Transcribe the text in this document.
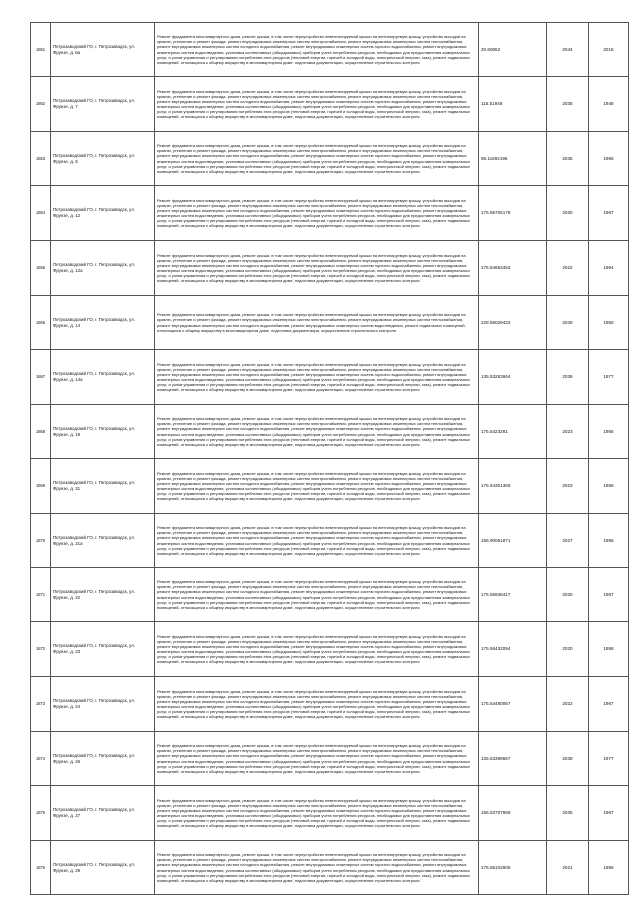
1861	Петрозаводский ГО, г. Петрозаводск, ул. Фрунзе, д. 6а	Ремонт фундамента многоквартирного дома, ремонт крыши, в том числе переустройство невентилируемой крыши на вентилируемую крышу, устройство выходов на кровлю, утепление и ремонт фасада, ремонт внутридомовых инженерных систем электроснабжения, ремонт внутридомовых инженерных систем теплоснабжения, ремонт внутридомовых инженерных систем холодного водоснабжения, ремонт внутридомовых инженерных систем горячего водоснабжения, ремонт внутридомовых инженерных систем водоотведения, установка коллективных (общедомовых) приборов учета потребления ресурсов, необходимых для предоставления коммунальных услуг, и узлов управления и регулирования потребления этих ресурсов (тепловой энергии, горячей и холодной воды, электрической энергии, газа), ремонт подвальных помещений, относящихся к общему имуществу в многоквартирном доме, подготовка документации, осуществление строительного контроля	20.60652	2044	2015
1862	Петрозаводский ГО, г. Петрозаводск, ул. Фрунзе, д. 7	Ремонт фундамента многоквартирного дома, ремонт крыши, в том числе переустройство невентилируемой крыши на вентилируемую крышу, устройство выходов на кровлю, утепление и ремонт фасада, ремонт внутридомовых инженерных систем электроснабжения, ремонт внутридомовых инженерных систем теплоснабжения, ремонт внутридомовых инженерных систем холодного водоснабжения, ремонт внутридомовых инженерных систем горячего водоснабжения, ремонт внутридомовых инженерных систем водоотведения, установка коллективных (общедомовых) приборов учета потребления ресурсов, необходимых для предоставления коммунальных услуг, и узлов управления и регулирования потребления этих ресурсов (тепловой энергии, горячей и холодной воды, электрической энергии, газа), ремонт подвальных помещений, относящихся к общему имуществу в многоквартирном доме, подготовка документации, осуществление строительного контроля	115.51948	2035	1948
1863	Петрозаводский ГО, г. Петрозаводск, ул. Фрунзе, д. 8	Ремонт фундамента многоквартирного дома, ремонт крыши, в том числе переустройство невентилируемой крыши на вентилируемую крышу, устройство выходов на кровлю, утепление и ремонт фасада, ремонт внутридомовых инженерных систем электроснабжения, ремонт внутридомовых инженерных систем теплоснабжения, ремонт внутридомовых инженерных систем холодного водоснабжения, ремонт внутридомовых инженерных систем горячего водоснабжения, ремонт внутридомовых инженерных систем водоотведения, установка коллективных (общедомовых) приборов учета потребления ресурсов, необходимых для предоставления коммунальных услуг, и узлов управления и регулирования потребления этих ресурсов (тепловой энергии, горячей и холодной воды, электрической энергии, газа), ремонт подвальных помещений, относящихся к общему имуществу в многоквартирном доме, подготовка документации, осуществление строительного контроля	95.11692196	2036	1965
1864	Петрозаводский ГО, г. Петрозаводск, ул. Фрунзе, д. 12	Ремонт фундамента многоквартирного дома, ремонт крыши, в том числе переустройство невентилируемой крыши на вентилируемую крышу, устройство выходов на кровлю, утепление и ремонт фасада, ремонт внутридомовых инженерных систем электроснабжения, ремонт внутридомовых инженерных систем теплоснабжения, ремонт внутридомовых инженерных систем холодного водоснабжения, ремонт внутридомовых инженерных систем горячего водоснабжения, ремонт внутридомовых инженерных систем водоотведения, установка коллективных (общедомовых) приборов учета потребления ресурсов, необходимых для предоставления коммунальных услуг, и узлов управления и регулирования потребления этих ресурсов (тепловой энергии, горячей и холодной воды, электрической энергии, газа), ремонт подвальных помещений, относящихся к общему имуществу в многоквартирном доме, подготовка документации, осуществление строительного контроля	175.55705178	2030	1967
1865	Петрозаводский ГО, г. Петрозаводск, ул. Фрунзе, д. 12а	Ремонт фундамента многоквартирного дома, ремонт крыши, в том числе переустройство невентилируемой крыши на вентилируемую крышу, устройство выходов на кровлю, утепление и ремонт фасада, ремонт внутридомовых инженерных систем электроснабжения, ремонт внутридомовых инженерных систем теплоснабжения, ремонт внутридомовых инженерных систем холодного водоснабжения, ремонт внутридомовых инженерных систем горячего водоснабжения, ремонт внутридомовых инженерных систем водоотведения, установка коллективных (общедомовых) приборов учета потребления ресурсов, необходимых для предоставления коммунальных услуг, и узлов управления и регулирования потребления этих ресурсов (тепловой энергии, горячей и холодной воды, электрической энергии, газа), ремонт подвальных помещений, относящихся к общему имуществу в многоквартирном доме, подготовка документации, осуществление строительного контроля	175.54653453	2022	1964
1866	Петрозаводский ГО, г. Петрозаводск, ул. Фрунзе, д. 14	Ремонт фундамента многоквартирного дома, ремонт крыши, в том числе переустройство невентилируемой крыши на вентилируемую крышу, устройство выходов на кровлю, утепление и ремонт фасада, ремонт внутридомовых инженерных систем электроснабжения, ремонт внутридомовых инженерных систем теплоснабжения, ремонт внутридомовых инженерных систем холодного водоснабжения, ремонт внутридомовых инженерных систем водоотведения, ремонт подвальных помещений, относящихся к общему имуществу в многоквартирном доме, подготовка документации, осуществление строительного контроля	228.56029433	2040	1950
1867	Петрозаводский ГО, г. Петрозаводск, ул. Фрунзе, д. 14а	Ремонт фундамента многоквартирного дома, ремонт крыши, в том числе переустройство невентилируемой крыши на вентилируемую крышу, устройство выходов на кровлю, утепление и ремонт фасада, ремонт внутридомовых инженерных систем электроснабжения, ремонт внутридомовых инженерных систем теплоснабжения, ремонт внутридомовых инженерных систем холодного водоснабжения, ремонт внутридомовых инженерных систем горячего водоснабжения, ремонт внутридомовых инженерных систем водоотведения, установка коллективных (общедомовых) приборов учета потребления ресурсов, необходимых для предоставления коммунальных услуг, и узлов управления и регулирования потребления этих ресурсов (тепловой энергии, горячей и холодной воды, электрической энергии, газа), ремонт подвальных помещений, относящихся к общему имуществу в многоквартирном доме, подготовка документации, осуществление строительного контроля	135.53283664	2039	1977
1868	Петрозаводский ГО, г. Петрозаводск, ул. Фрунзе, д. 19	Ремонт фундамента многоквартирного дома, ремонт крыши, в том числе переустройство невентилируемой крыши на вентилируемую крышу, устройство выходов на кровлю, утепление и ремонт фасада, ремонт внутридомовых инженерных систем электроснабжения, ремонт внутридомовых инженерных систем теплоснабжения, ремонт внутридомовых инженерных систем холодного водоснабжения, ремонт внутридомовых инженерных систем горячего водоснабжения, ремонт внутридомовых инженерных систем водоотведения, установка коллективных (общедомовых) приборов учета потребления ресурсов, необходимых для предоставления коммунальных услуг, и узлов управления и регулирования потребления этих ресурсов (тепловой энергии, горячей и холодной воды, электрической энергии, газа), ремонт подвальных помещений, относящихся к общему имуществу в многоквартирном доме, подготовка документации, осуществление строительного контроля	175.5423281	2023	1956
1869	Петрозаводский ГО, г. Петрозаводск, ул. Фрунзе, д. 21	Ремонт фундамента многоквартирного дома, ремонт крыши, в том числе переустройство невентилируемой крыши на вентилируемую крышу, устройство выходов на кровлю, утепление и ремонт фасада, ремонт внутридомовых инженерных систем электроснабжения, ремонт внутридомовых инженерных систем теплоснабжения, ремонт внутридомовых инженерных систем холодного водоснабжения, ремонт внутридомовых инженерных систем горячего водоснабжения, ремонт внутридомовых инженерных систем водоотведения, установка коллективных (общедомовых) приборов учета потребления ресурсов, необходимых для предоставления коммунальных услуг, и узлов управления и регулирования потребления этих ресурсов (тепловой энергии, горячей и холодной воды, электрической энергии, газа), ремонт подвальных помещений, относящихся к общему имуществу в многоквартирном доме, подготовка документации, осуществление строительного контроля	175.54301365	2023	1956
1870	Петрозаводский ГО, г. Петрозаводск, ул. Фрунзе, д. 21а	Ремонт фундамента многоквартирного дома, ремонт крыши, в том числе переустройство невентилируемой крыши на вентилируемую крышу, устройство выходов на кровлю, утепление и ремонт фасада, ремонт внутридомовых инженерных систем электроснабжения, ремонт внутридомовых инженерных систем теплоснабжения, ремонт внутридомовых инженерных систем холодного водоснабжения, ремонт внутридомовых инженерных систем горячего водоснабжения, ремонт внутридомовых инженерных систем водоотведения, установка коллективных (общедомовых) приборов учета потребления ресурсов, необходимых для предоставления коммунальных услуг, и узлов управления и регулирования потребления этих ресурсов (тепловой энергии, горячей и холодной воды, электрической энергии, газа), ремонт подвальных помещений, относящихся к общему имуществу в многоквартирном доме, подготовка документации, осуществление строительного контроля	156.90061871	2027	1956
1871	Петрозаводский ГО, г. Петрозаводск, ул. Фрунзе, д. 22	Ремонт фундамента многоквартирного дома, ремонт крыши, в том числе переустройство невентилируемой крыши на вентилируемую крышу, устройство выходов на кровлю, утепление и ремонт фасада, ремонт внутридомовых инженерных систем электроснабжения, ремонт внутридомовых инженерных систем теплоснабжения, ремонт внутридомовых инженерных систем холодного водоснабжения, ремонт внутридомовых инженерных систем горячего водоснабжения, ремонт внутридомовых инженерных систем водоотведения, установка коллективных (общедомовых) приборов учета потребления ресурсов, необходимых для предоставления коммунальных услуг, и узлов управления и регулирования потребления этих ресурсов (тепловой энергии, горячей и холодной воды, электрической энергии, газа), ремонт подвальных помещений, относящихся к общему имуществу в многоквартирном доме, подготовка документации, осуществление строительного контроля	175.55935417	2030	1967
1872	Петрозаводский ГО, г. Петрозаводск, ул. Фрунзе, д. 23	Ремонт фундамента многоквартирного дома, ремонт крыши, в том числе переустройство невентилируемой крыши на вентилируемую крышу, устройство выходов на кровлю, утепление и ремонт фасада, ремонт внутридомовых инженерных систем электроснабжения, ремонт внутридомовых инженерных систем теплоснабжения, ремонт внутридомовых инженерных систем холодного водоснабжения, ремонт внутридомовых инженерных систем горячего водоснабжения, ремонт внутридомовых инженерных систем водоотведения, установка коллективных (общедомовых) приборов учета потребления ресурсов, необходимых для предоставления коммунальных услуг, и узлов управления и регулирования потребления этих ресурсов (тепловой энергии, горячей и холодной воды, электрической энергии, газа), ремонт подвальных помещений, относящихся к общему имуществу в многоквартирном доме, подготовка документации, осуществление строительного контроля	175.56432094	2020	1958
1873	Петрозаводский ГО, г. Петрозаводск, ул. Фрунзе, д. 24	Ремонт фундамента многоквартирного дома, ремонт крыши, в том числе переустройство невентилируемой крыши на вентилируемую крышу, устройство выходов на кровлю, утепление и ремонт фасада, ремонт внутридомовых инженерных систем электроснабжения, ремонт внутридомовых инженерных систем теплоснабжения, ремонт внутридомовых инженерных систем холодного водоснабжения, ремонт внутридомовых инженерных систем горячего водоснабжения, ремонт внутридомовых инженерных систем водоотведения, установка коллективных (общедомовых) приборов учета потребления ресурсов, необходимых для предоставления коммунальных услуг, и узлов управления и регулирования потребления этих ресурсов (тепловой энергии, горячей и холодной воды, электрической энергии, газа), ремонт подвальных помещений, относящихся к общему имуществу в многоквартирном доме, подготовка документации, осуществление строительного контроля	175.54480067	2022	1967
1874	Петрозаводский ГО, г. Петрозаводск, ул. Фрунзе, д. 26	Ремонт фундамента многоквартирного дома, ремонт крыши, в том числе переустройство невентилируемой крыши на вентилируемую крышу, устройство выходов на кровлю, утепление и ремонт фасада, ремонт внутридомовых инженерных систем электроснабжения, ремонт внутридомовых инженерных систем теплоснабжения, ремонт внутридомовых инженерных систем холодного водоснабжения, ремонт внутридомовых инженерных систем горячего водоснабжения, ремонт внутридомовых инженерных систем водоотведения, установка коллективных (общедомовых) приборов учета потребления ресурсов, необходимых для предоставления коммунальных услуг, и узлов управления и регулирования потребления этих ресурсов (тепловой энергии, горячей и холодной воды, электрической энергии, газа), ремонт подвальных помещений, относящихся к общему имуществу в многоквартирном доме, подготовка документации, осуществление строительного контроля	135.53389667	2039	1977
1875	Петрозаводский ГО, г. Петрозаводск, ул. Фрунзе, д. 27	Ремонт фундамента многоквартирного дома, ремонт крыши, в том числе переустройство невентилируемой крыши на вентилируемую крышу, устройство выходов на кровлю, утепление и ремонт фасада, ремонт внутридомовых инженерных систем электроснабжения, ремонт внутридомовых инженерных систем теплоснабжения, ремонт внутридомовых инженерных систем холодного водоснабжения, ремонт внутридомовых инженерных систем горячего водоснабжения, ремонт внутридомовых инженерных систем водоотведения, установка коллективных (общедомовых) приборов учета потребления ресурсов, необходимых для предоставления коммунальных услуг, и узлов управления и регулирования потребления этих ресурсов (тепловой энергии, горячей и холодной воды, электрической энергии, газа), ремонт подвальных помещений, относящихся к общему имуществу в многоквартирном доме, подготовка документации, осуществление строительного контроля	156.53707968	2035	1967
1876	Петрозаводский ГО, г. Петрозаводск, ул. Фрунзе, д. 29	Ремонт фундамента многоквартирного дома, ремонт крыши, в том числе переустройство невентилируемой крыши на вентилируемую крышу, устройство выходов на кровлю, утепление и ремонт фасада, ремонт внутридомовых инженерных систем электроснабжения, ремонт внутридомовых инженерных систем теплоснабжения, ремонт внутридомовых инженерных систем холодного водоснабжения, ремонт внутридомовых инженерных систем горячего водоснабжения, ремонт внутридомовых инженерных систем водоотведения, установка коллективных (общедомовых) приборов учета потребления ресурсов, необходимых для предоставления коммунальных услуг, и узлов управления и регулирования потребления этих ресурсов (тепловой энергии, горячей и холодной воды, электрической энергии, газа), ремонт подвальных помещений, относящихся к общему имуществу в многоквартирном доме, подготовка документации, осуществление строительного контроля	175.55102605	2021	1958
